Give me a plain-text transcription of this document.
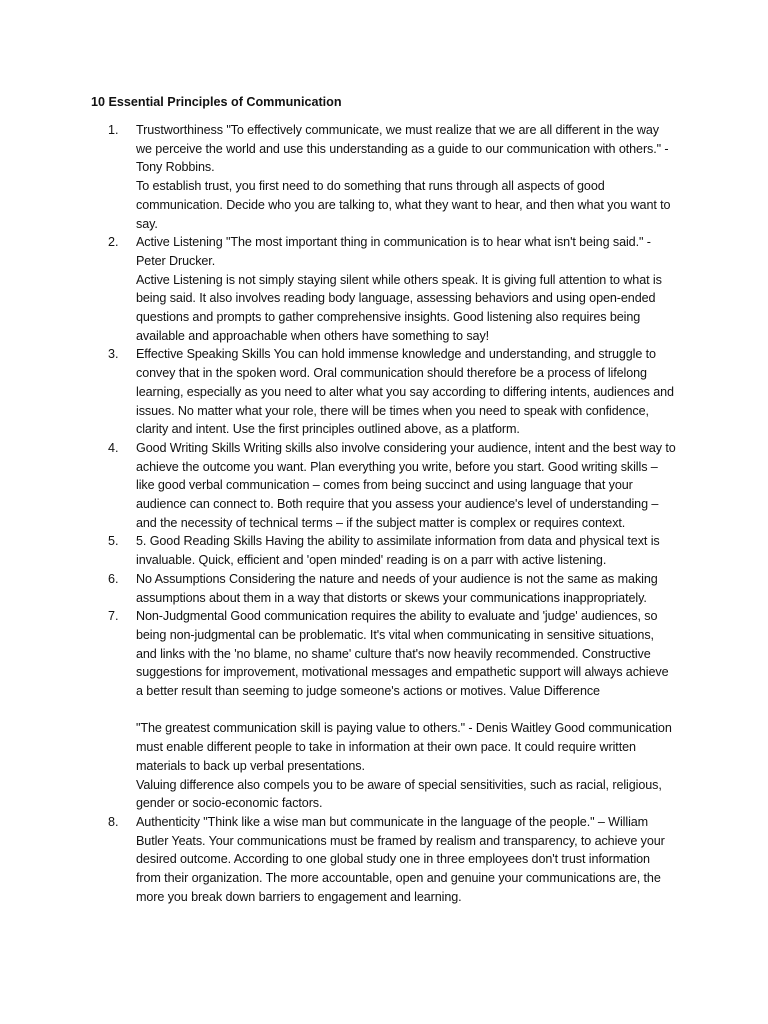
10 Essential Principles of Communication
1.	Trustworthiness "To effectively communicate, we must realize that we are all different in the way we perceive the world and use this understanding as a guide to our communication with others." - Tony Robbins.

To establish trust, you first need to do something that runs through all aspects of good communication. Decide who you are talking to, what they want to hear, and then what you want to say.

2.	Active Listening "The most important thing in communication is to hear what isn't being said." - Peter Drucker.

Active Listening is not simply staying silent while others speak. It is giving full attention to what is being said. It also involves reading body language, assessing behaviors and using open-ended questions and prompts to gather comprehensive insights. Good listening also requires being available and approachable when others have something to say!

3.	Effective Speaking Skills You can hold immense knowledge and understanding, and struggle to convey that in the spoken word. Oral communication should therefore be a process of lifelong learning, especially as you need to alter what you say according to differing intents, audiences and issues. No matter what your role, there will be times when you need to speak with confidence, clarity and intent. Use the first principles outlined above, as a platform.

4.	Good Writing Skills Writing skills also involve considering your audience, intent and the best way to achieve the outcome you want. Plan everything you write, before you start. Good writing skills – like good verbal communication – comes from being succinct and using language that your audience can connect to. Both require that you assess your audience's level of understanding – and the necessity of technical terms – if the subject matter is complex or requires context.

5.	5. Good Reading Skills Having the ability to assimilate information from data and physical text is invaluable. Quick, efficient and 'open minded' reading is on a parr with active listening.

6.	No Assumptions Considering the nature and needs of your audience is not the same as making assumptions about them in a way that distorts or skews your communications inappropriately.

7.	Non-Judgmental Good communication requires the ability to evaluate and 'judge' audiences, so being non-judgmental can be problematic. It's vital when communicating in sensitive situations, and links with the 'no blame, no shame' culture that's now heavily recommended. Constructive suggestions for improvement, motivational messages and empathetic support will always achieve a better result than seeming to judge someone's actions or motives. Value Difference

"The greatest communication skill is paying value to others." - Denis Waitley Good communication must enable different people to take in information at their own pace. It could require written materials to back up verbal presentations.

Valuing difference also compels you to be aware of special sensitivities, such as racial, religious, gender or socio-economic factors.

8.	Authenticity "Think like a wise man but communicate in the language of the people." – William Butler Yeats. Your communications must be framed by realism and transparency, to achieve your desired outcome. According to one global study one in three employees don't trust information from their organization. The more accountable, open and genuine your communications are, the more you break down barriers to engagement and learning.
